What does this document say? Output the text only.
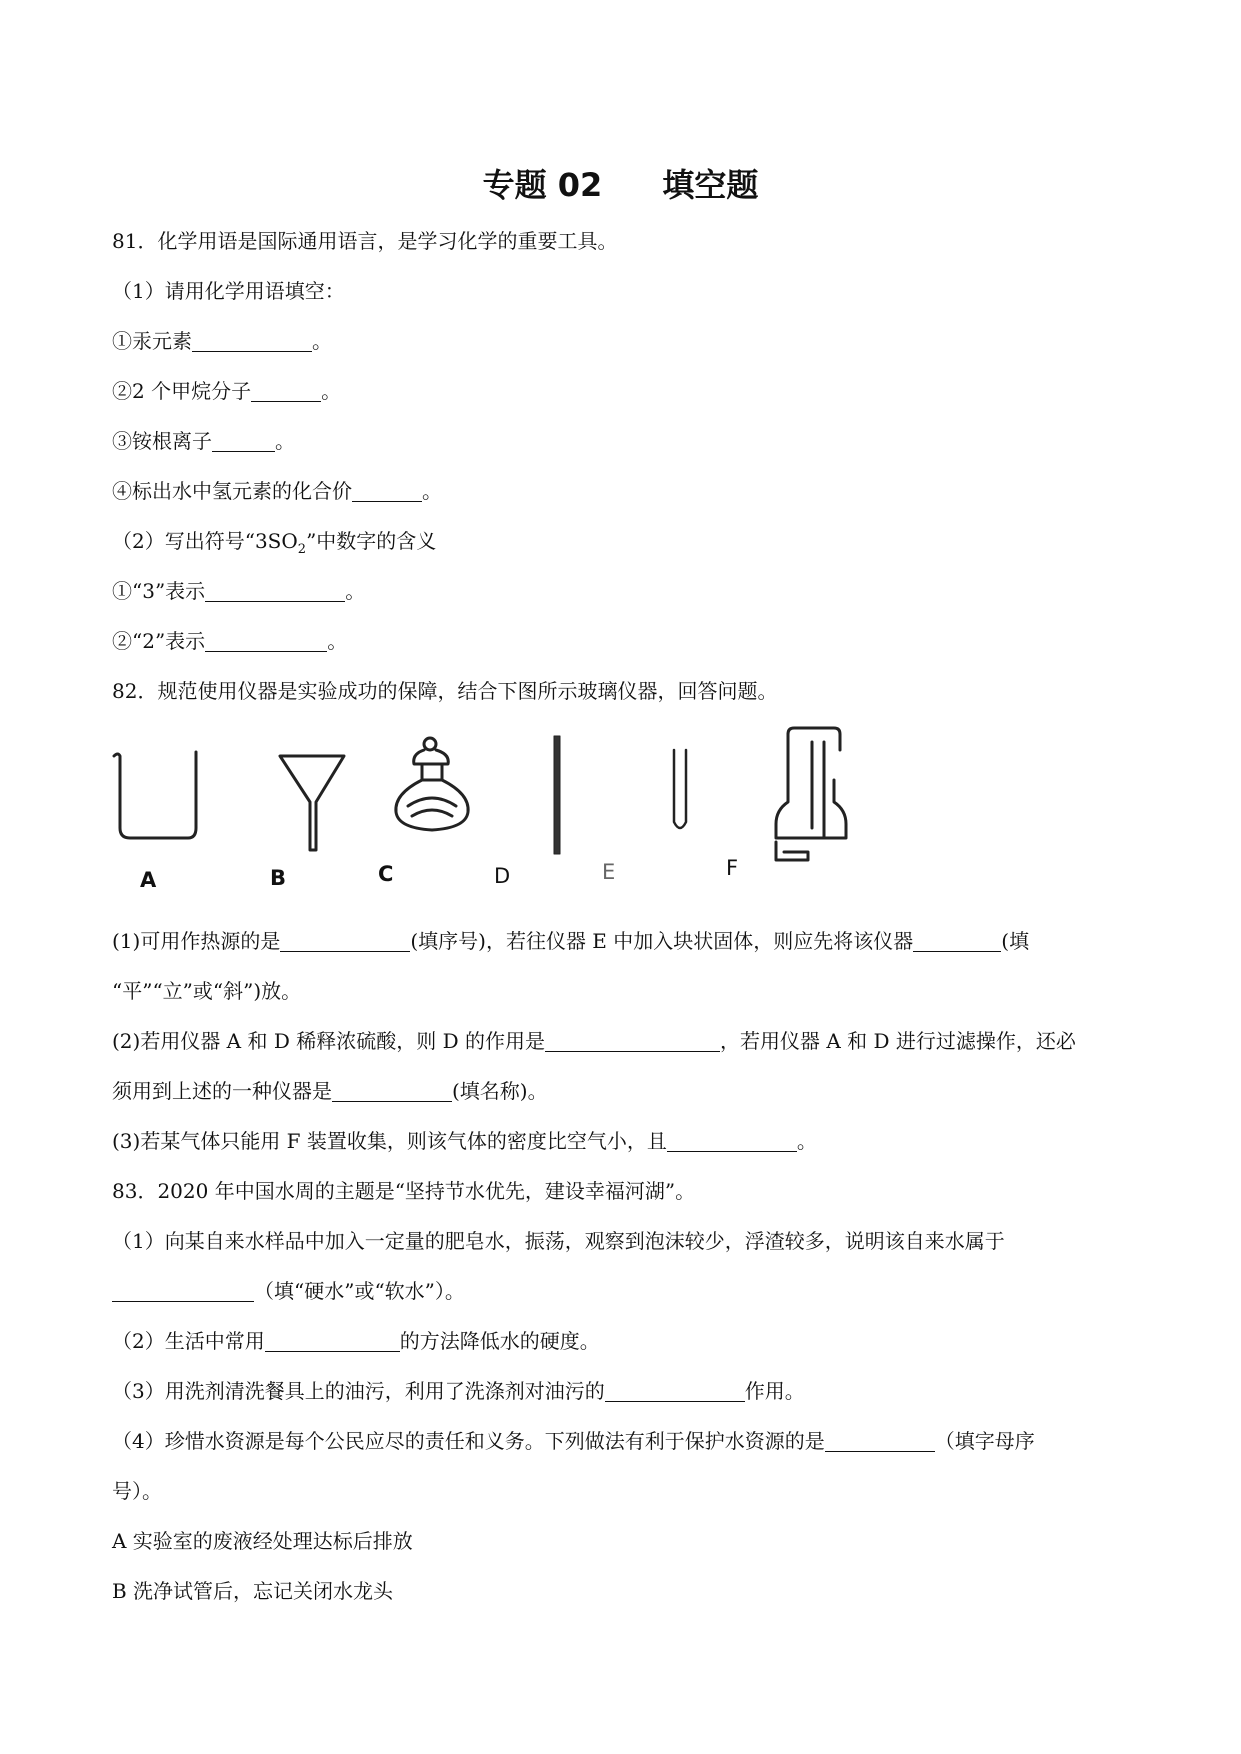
专题 02 填空题
81．化学用语是国际通用语言，是学习化学的重要工具。
（1）请用化学用语填空：
①汞元素	。
②2 个甲烷分子	。
③铵根离子	。
④标出水中氢元素的化合价	。
（2）写出符号“$3SO_2$”中数字的含义
①“3”表示	。
②“2”表示	。
82．规范使用仪器是实验成功的保障，结合下图所示玻璃仪器，回答问题。
A	B	C	D	E	F
(1)可用作热源的是	(填序号)，若往仪器 E 中加入块状固体，则应先将该仪器	(填
“平”“立”或“斜”)放。
(2)若用仪器 A 和 D 稀释浓硫酸，则 D 的作用是	，若用仪器 A 和 D 进行过滤操作，还必
须用到上述的一种仪器是	(填名称)。
(3)若某气体只能用 F 装置收集，则该气体的密度比空气小，且	。
83．2020 年中国水周的主题是“坚持节水优先，建设幸福河湖”。
（1）向某自来水样品中加入一定量的肥皂水，振荡，观察到泡沫较少，浮渣较多，说明该自来水属于
（填“硬水”或“软水”）。
（2）生活中常用	的方法降低水的硬度。
（3）用洗剂清洗餐具上的油污，利用了洗涤剂对油污的	作用。
（4）珍惜水资源是每个公民应尽的责任和义务。下列做法有利于保护水资源的是	（填字母序
号）。
A 实验室的废液经处理达标后排放
B 洗净试管后，忘记关闭水龙头
